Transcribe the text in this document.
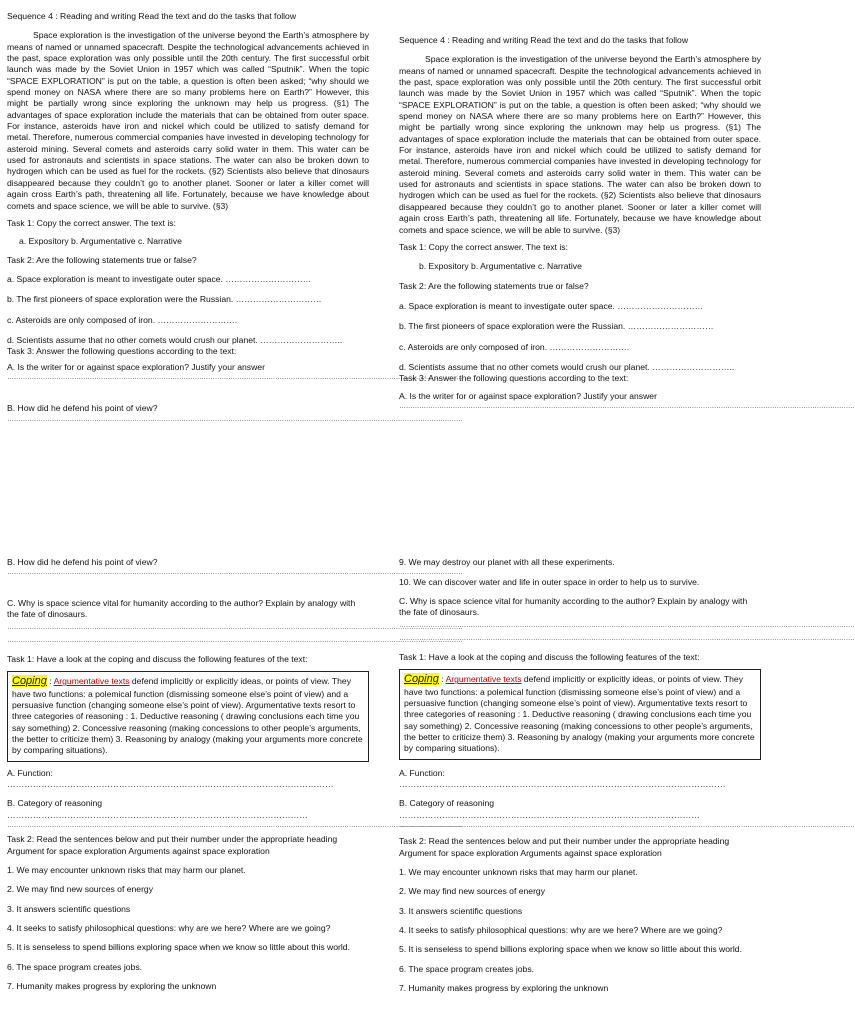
Sequence 4 : Reading and writing Read the text and do the tasks that follow

Space exploration is the investigation of the universe beyond the Earth’s atmosphere by means of named or unnamed spacecraft. Despite the technological advancements achieved in the past, space exploration was only possible until the 20th century. The first successful orbit launch was made by the Soviet Union in 1957 which was called “Sputnik”. When the topic “SPACE EXPLORATION” is put on the table, a question is often been asked; “why should we spend money on NASA where there are so many problems here on Earth?” However, this might be partially wrong since exploring the unknown may help us progress. (§1) The advantages of space exploration include the materials that can be obtained from outer space. For instance, asteroids have iron and nickel which could be utilized to satisfy demand for metal. Therefore, numerous commercial companies have invested in developing technology for asteroid mining. Several comets and asteroids carry solid water in them. This water can be used for astronauts and scientists in space stations. The water can also be broken down to hydrogen which can be used as fuel for the rockets. (§2) Scientists also believe that dinosaurs disappeared because they couldn’t go to another planet. Sooner or later a killer comet will again cross Earth’s path, threatening all life. Fortunately, because we have knowledge about comets and space science, we will be able to survive. (§3)

Task 1: Copy the correct answer. The text is:

a. Expository b. Argumentative c. Narrative

Task 2: Are the following statements true or false?

a. Space exploration is meant to investigate outer space. …………………………

b. The first pioneers of space exploration were the Russian. …………………………

c. Asteroids are only composed of iron. ……………………….

d. Scientists assume that no other comets would crush our planet. ………………………..

Task 3: Answer the following questions according to the text:

A. Is the writer for or against space exploration? Justify your answer

……………………………………………………………………………………………………………………………………………………………………………………

B. How did he defend his point of view?

……………………………………………………………………………………………………………………………………………………………………………………

B. How did he defend his point of view?

……………………………………………………………………………………………………………………………………………………………………………………

C. Why is space science vital for humanity according to the author? Explain by analogy with the fate of dinosaurs.

……………………………………………………………………………………………………………………………………………………………………………………
……………………………………………………………………………………………………………………………………………………………………………………

Task 1: Have a look at the coping and discuss the following features of the text:

Coping : Argumentative texts defend implicitly or explicitly ideas, or points of view. They have two functions: a polemical function (dismissing someone else’s point of view) and a persuasive function (changing someone else’s point of view). Argumentative texts resort to three categories of reasoning : 1. Deductive reasoning ( drawing conclusions each time you say something) 2. Concessive reasoning (making concessions to other people’s arguments, the better to criticize them) 3. Reasoning by analogy (making your arguments more concrete by comparing situations).

A. Function: ……………………………………………………………………………………………………

B. Category of reasoning ……………………………………………………………………………………………

……………………………………………………………………………………………………………………………………………………………………………………

Task 2: Read the sentences below and put their number under the appropriate heading Argument for space exploration Arguments against space exploration

1. We may encounter unknown risks that may harm our planet.

2. We may find new sources of energy

3. It answers scientific questions

4. It seeks to satisfy philosophical questions: why are we here? Where are we going?

5. It is senseless to spend billions exploring space when we know so little about this world.

6. The space program creates jobs.

7. Humanity makes progress by exploring the unknown

Sequence 4 : Reading and writing Read the text and do the tasks that follow

Space exploration is the investigation of the universe beyond the Earth’s atmosphere by means of named or unnamed spacecraft. Despite the technological advancements achieved in the past, space exploration was only possible until the 20th century. The first successful orbit launch was made by the Soviet Union in 1957 which was called “Sputnik”. When the topic “SPACE EXPLORATION” is put on the table, a question is often been asked; “why should we spend money on NASA where there are so many problems here on Earth?” However, this might be partially wrong since exploring the unknown may help us progress. (§1) The advantages of space exploration include the materials that can be obtained from outer space. For instance, asteroids have iron and nickel which could be utilized to satisfy demand for metal. Therefore, numerous commercial companies have invested in developing technology for asteroid mining. Several comets and asteroids carry solid water in them. This water can be used for astronauts and scientists in space stations. The water can also be broken down to hydrogen which can be used as fuel for the rockets. (§2) Scientists also believe that dinosaurs disappeared because they couldn’t go to another planet. Sooner or later a killer comet will again cross Earth’s path, threatening all life. Fortunately, because we have knowledge about comets and space science, we will be able to survive. (§3)

Task 1: Copy the correct answer. The text is:

b. Expository b. Argumentative c. Narrative

Task 2: Are the following statements true or false?

a. Space exploration is meant to investigate outer space. …………………………

b. The first pioneers of space exploration were the Russian. …………………………

c. Asteroids are only composed of iron. ……………………….

d. Scientists assume that no other comets would crush our planet. ………………………..

Task 3: Answer the following questions according to the text:

A. Is the writer for or against space exploration? Justify your answer

……………………………………………………………………………………………………………………………………………………………………………………

9. We may destroy our planet with all these experiments.

10. We can discover water and life in outer space in order to help us to survive.

C. Why is space science vital for humanity according to the author? Explain by analogy with the fate of dinosaurs.

……………………………………………………………………………………………………………………………………………………………………………………
……………………………………………………………………………………………………………………………………………………………………………………

Task 1: Have a look at the coping and discuss the following features of the text:

Coping : Argumentative texts defend implicitly or explicitly ideas, or points of view. They have two functions: a polemical function (dismissing someone else’s point of view) and a persuasive function (changing someone else’s point of view). Argumentative texts resort to three categories of reasoning : 1. Deductive reasoning ( drawing conclusions each time you say something) 2. Concessive reasoning (making concessions to other people’s arguments, the better to criticize them) 3. Reasoning by analogy (making your arguments more concrete by comparing situations).

A. Function: ……………………………………………………………………………………………………

B. Category of reasoning ……………………………………………………………………………………………

……………………………………………………………………………………………………………………………………………………………………………………

Task 2: Read the sentences below and put their number under the appropriate heading Argument for space exploration Arguments against space exploration

1. We may encounter unknown risks that may harm our planet.

2. We may find new sources of energy

3. It answers scientific questions

4. It seeks to satisfy philosophical questions: why are we here? Where are we going?

5. It is senseless to spend billions exploring space when we know so little about this world.

6. The space program creates jobs.

7. Humanity makes progress by exploring the unknown
